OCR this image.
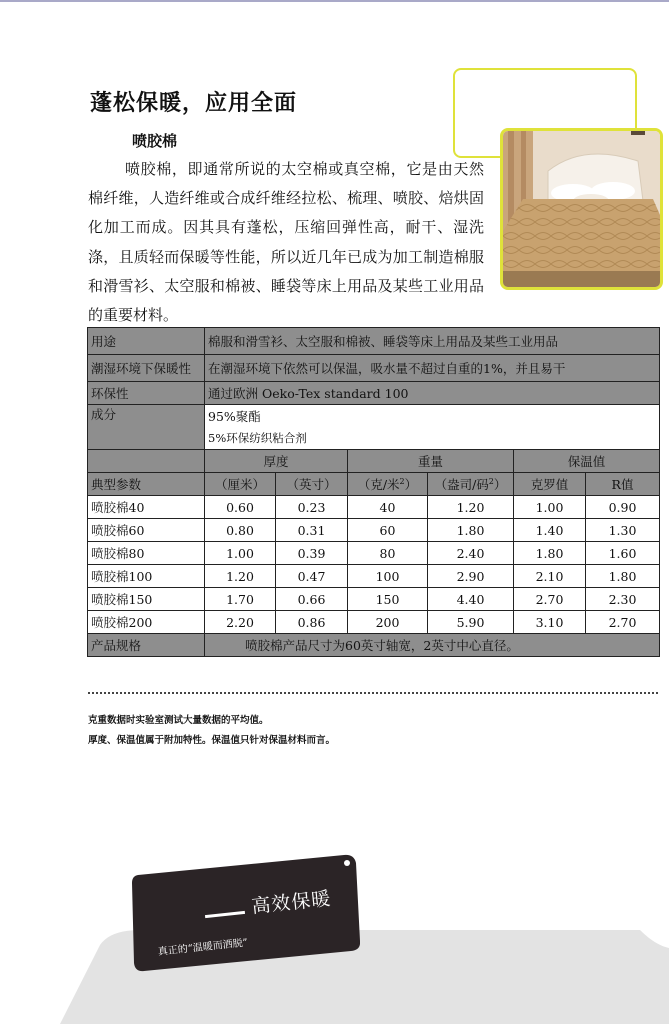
蓬松保暖，应用全面
喷胶棉
喷胶棉，即通常所说的太空棉或真空棉，它是由天然棉纤维，人造纤维或合成纤维经拉松、梳理、喷胶、焙烘固化加工而成。因其具有蓬松，压缩回弹性高，耐干、湿洗涤，且质轻而保暖等性能，所以近几年已成为加工制造棉服和滑雪衫、太空服和棉被、睡袋等床上用品及某些工业用品的重要材料。
用途	棉服和滑雪衫、太空服和棉被、睡袋等床上用品及某些工业用品					
潮湿环境下保暖性	在潮湿环境下依然可以保温，吸水量不超过自重的1%，并且易干					
环保性	通过欧洲 Oeko-Tex standard 100					
成分	95%聚酯					
	5%环保纺织粘合剂					
	厚度		重量		保温值	
典型参数	（厘米）	（英寸）	（克/米$^2$）	（盎司/码$^2$）	克罗值	R值
喷胶棉40	0.60	0.23	40	1.20	1.00	0.90
喷胶棉60	0.80	0.31	60	1.80	1.40	1.30
喷胶棉80	1.00	0.39	80	2.40	1.80	1.60
喷胶棉100	1.20	0.47	100	2.90	2.10	1.80
喷胶棉150	1.70	0.66	150	4.40	2.70	2.30
喷胶棉200	2.20	0.86	200	5.90	3.10	2.70
产品规格	喷胶棉产品尺寸为60英寸轴宽，2英寸中心直径。					
克重数据时实验室测试大量数据的平均值。
厚度、保温值属于附加特性。保温值只针对保温材料而言。
高效保暖
真正的“温暖而洒脱”
